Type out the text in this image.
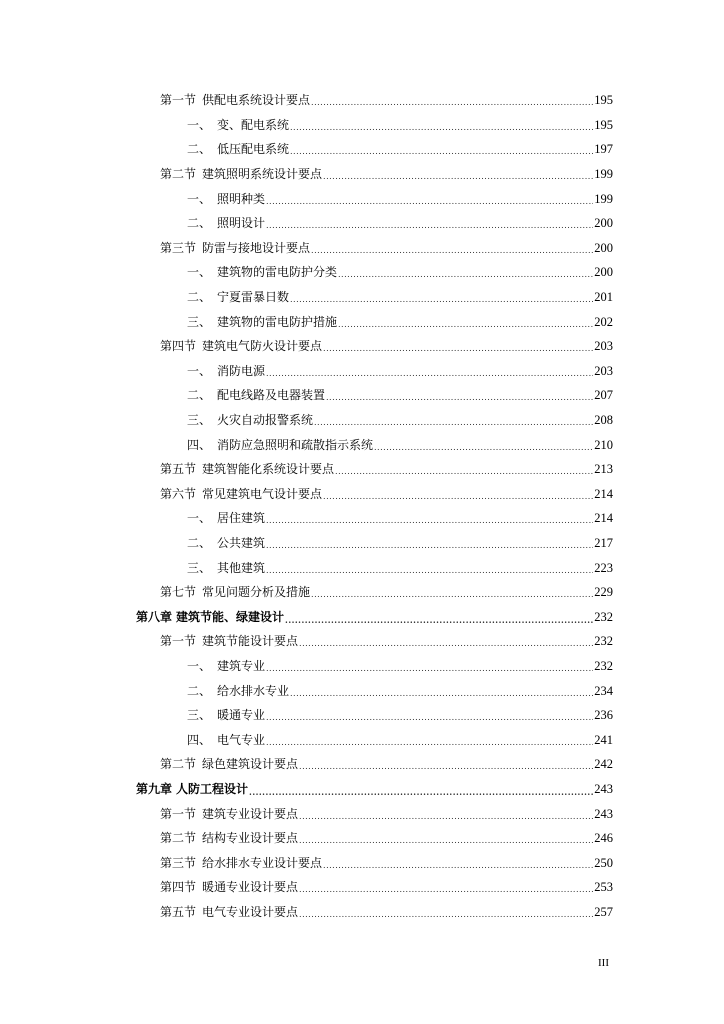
第一节 供配电系统设计要点 .....	195
一、 变、配电系统 .....	195
二、 低压配电系统 .....	197
第二节 建筑照明系统设计要点 .....	199
一、 照明种类 .....	199
二、 照明设计 .....	200
第三节 防雷与接地设计要点 .....	200
一、 建筑物的雷电防护分类 .....	200
二、 宁夏雷暴日数 .....	201
三、 建筑物的雷电防护措施 .....	202
第四节 建筑电气防火设计要点 .....	203
一、 消防电源 .....	203
二、 配电线路及电器装置 .....	207
三、 火灾自动报警系统 .....	208
四、 消防应急照明和疏散指示系统 .....	210
第五节 建筑智能化系统设计要点 .....	213
第六节 常见建筑电气设计要点 .....	214
一、 居住建筑 .....	214
二、 公共建筑 .....	217
三、 其他建筑 .....	223
第七节 常见问题分析及措施 .....	229
第八章 建筑节能、绿建设计 .....	232
第一节 建筑节能设计要点 .....	232
一、 建筑专业 .....	232
二、 给水排水专业 .....	234
三、 暖通专业 .....	236
四、 电气专业 .....	241
第二节 绿色建筑设计要点 .....	242
第九章 人防工程设计 .....	243
第一节 建筑专业设计要点 .....	243
第二节 结构专业设计要点 .....	246
第三节 给水排水专业设计要点 .....	250
第四节 暖通专业设计要点 .....	253
第五节 电气专业设计要点 .....	257
III
